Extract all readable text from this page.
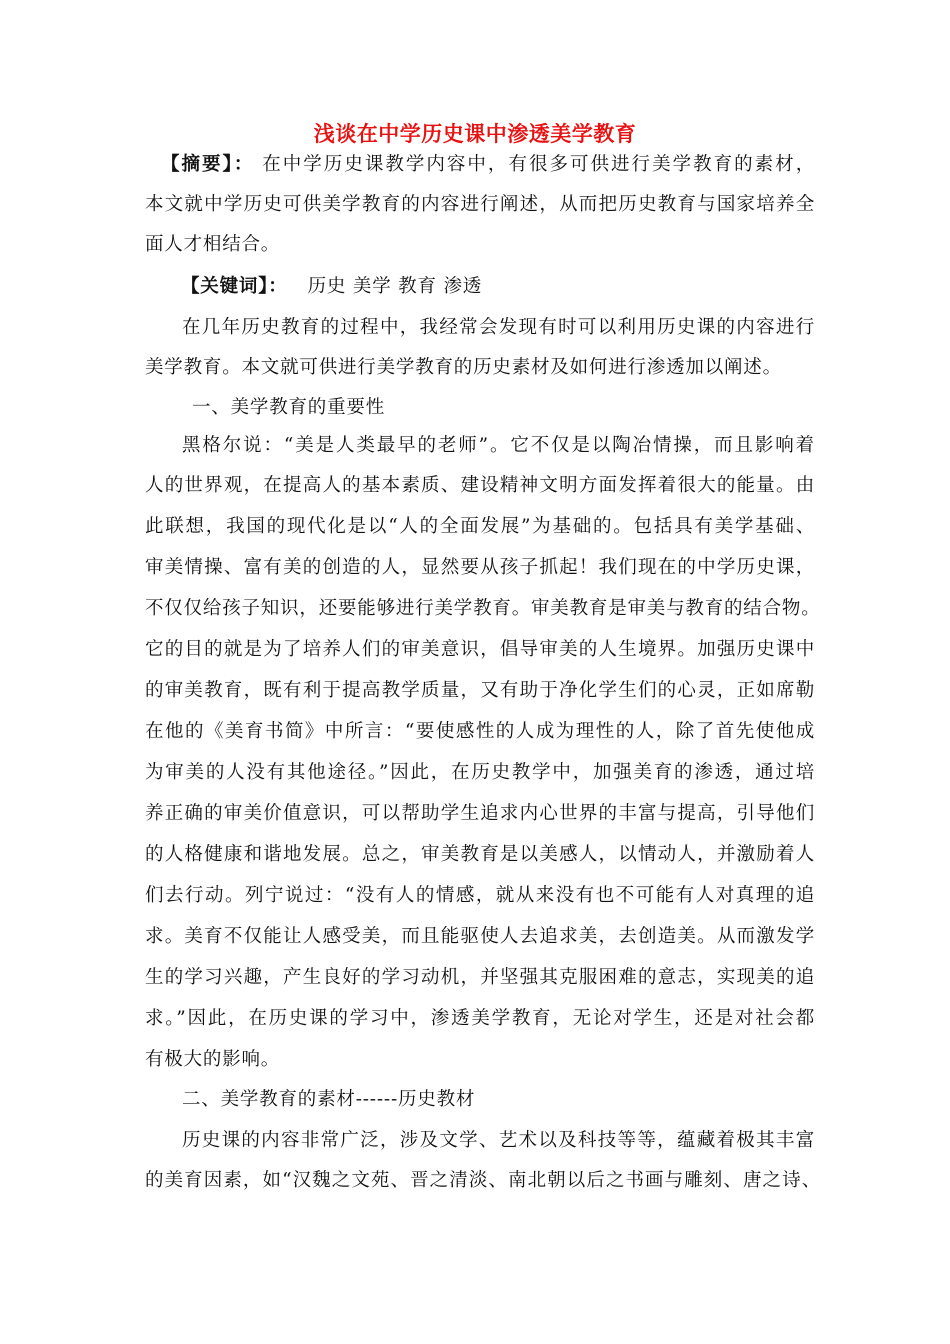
浅谈在中学历史课中渗透美学教育
【摘要】： 在中学历史课教学内容中，有很多可供进行美学教育的素材，
本文就中学历史可供美学教育的内容进行阐述，从而把历史教育与国家培养全
面人才相结合。
【关键词】： 历史 美学 教育 渗透
在几年历史教育的过程中，我经常会发现有时可以利用历史课的内容进行
美学教育。本文就可供进行美学教育的历史素材及如何进行渗透加以阐述。
一、美学教育的重要性
黑格尔说：“美是人类最早的老师”。它不仅是以陶冶情操，而且影响着
人的世界观，在提高人的基本素质、建设精神文明方面发挥着很大的能量。由
此联想，我国的现代化是以“人的全面发展”为基础的。包括具有美学基础、
审美情操、富有美的创造的人，显然要从孩子抓起！我们现在的中学历史课，
不仅仅给孩子知识，还要能够进行美学教育。审美教育是审美与教育的结合物。
它的目的就是为了培养人们的审美意识，倡导审美的人生境界。加强历史课中
的审美教育，既有利于提高教学质量，又有助于净化学生们的心灵，正如席勒
在他的《美育书简》中所言：“要使感性的人成为理性的人，除了首先使他成
为审美的人没有其他途径。”因此，在历史教学中，加强美育的渗透，通过培
养正确的审美价值意识，可以帮助学生追求内心世界的丰富与提高，引导他们
的人格健康和谐地发展。总之，审美教育是以美感人，以情动人，并激励着人
们去行动。列宁说过：“没有人的情感，就从来没有也不可能有人对真理的追
求。美育不仅能让人感受美，而且能驱使人去追求美，去创造美。从而激发学
生的学习兴趣，产生良好的学习动机，并坚强其克服困难的意志，实现美的追
求。”因此，在历史课的学习中，渗透美学教育，无论对学生，还是对社会都
有极大的影响。
二、美学教育的素材------历史教材
历史课的内容非常广泛，涉及文学、艺术以及科技等等，蕴藏着极其丰富
的美育因素，如“汉魏之文苑、晋之清淡、南北朝以后之书画与雕刻、唐之诗、
